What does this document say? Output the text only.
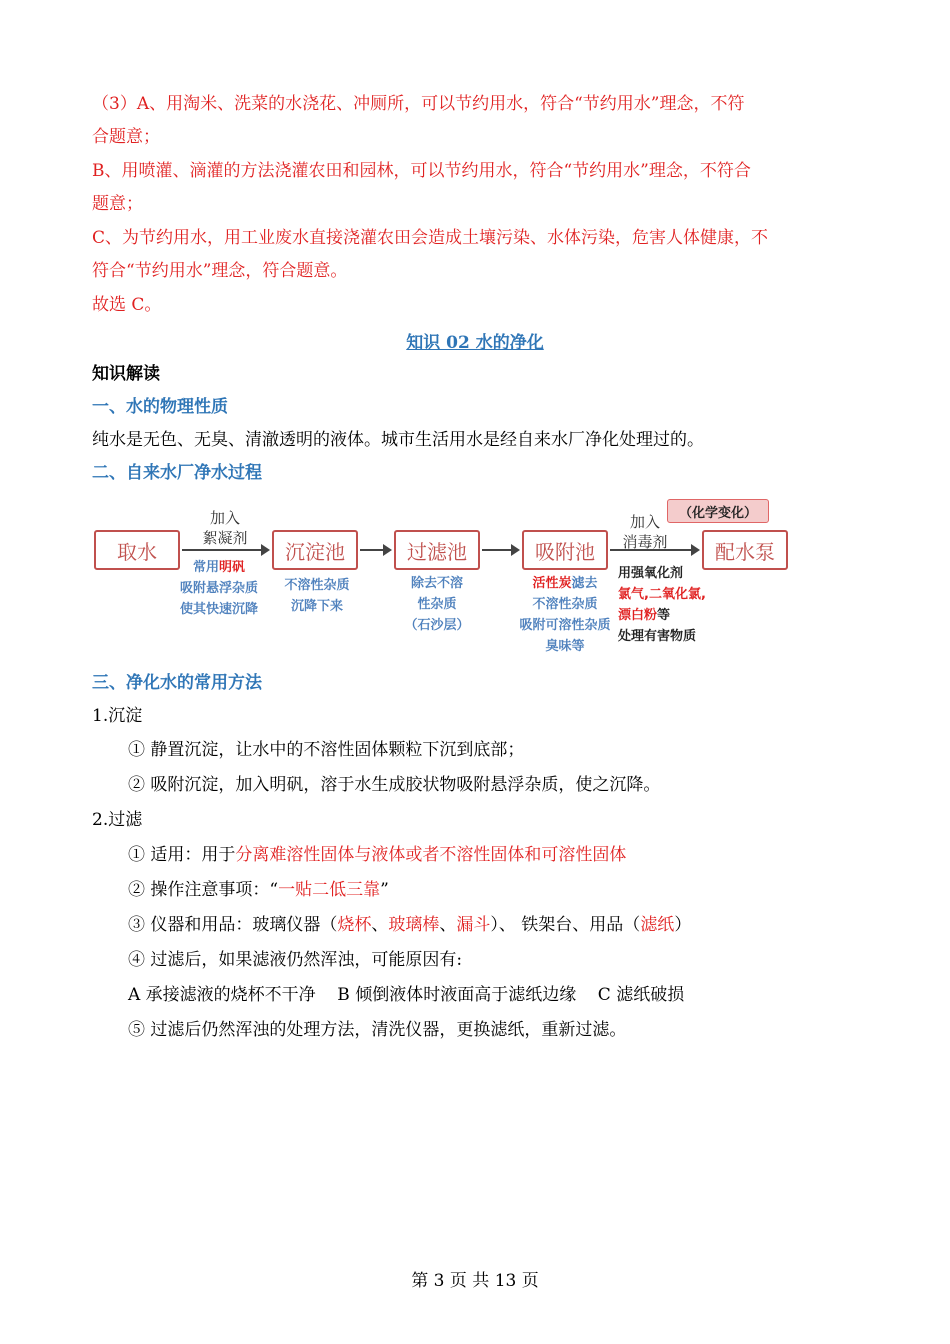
（3）A、用淘米、洗菜的水浇花、冲厕所，可以节约用水，符合“节约用水”理念，不符
合题意；
B、用喷灌、滴灌的方法浇灌农田和园林，可以节约用水，符合“节约用水”理念，不符合
题意；
C、为节约用水，用工业废水直接浇灌农田会造成土壤污染、水体污染，危害人体健康，不
符合“节约用水”理念，符合题意。
故选 C。
知识 02 水的净化
知识解读
一、水的物理性质
纯水是无色、无臭、清澈透明的液体。城市生活用水是经自来水厂净化处理过的。
二、自来水厂净水过程
取水	沉淀池	过滤池	吸附池	配水泵
加入
絮凝剂
加入
消毒剂
（化学变化）
常用明矾
吸附悬浮杂质
使其快速沉降
不溶性杂质
沉降下来
除去不溶
性杂质
（石沙层）
活性炭滤去
不溶性杂质
吸附可溶性杂质
臭味等
用强氧化剂
氯气,二氧化氯,
漂白粉等
处理有害物质
三、净化水的常用方法
1.沉淀
① 静置沉淀，让水中的不溶性固体颗粒下沉到底部；
② 吸附沉淀，加入明矾，溶于水生成胶状物吸附悬浮杂质，使之沉降。
2.过滤
① 适用：用于分离难溶性固体与液体或者不溶性固体和可溶性固体
② 操作注意事项：“一贴二低三靠”
③ 仪器和用品：玻璃仪器（烧杯、玻璃棒、漏斗）、 铁架台、用品（滤纸）
④ 过滤后，如果滤液仍然浑浊，可能原因有:
A 承接滤液的烧杯不干净    B 倾倒液体时液面高于滤纸边缘    C 滤纸破损
⑤ 过滤后仍然浑浊的处理方法，清洗仪器，更换滤纸，重新过滤。
第 3 页 共 13 页
